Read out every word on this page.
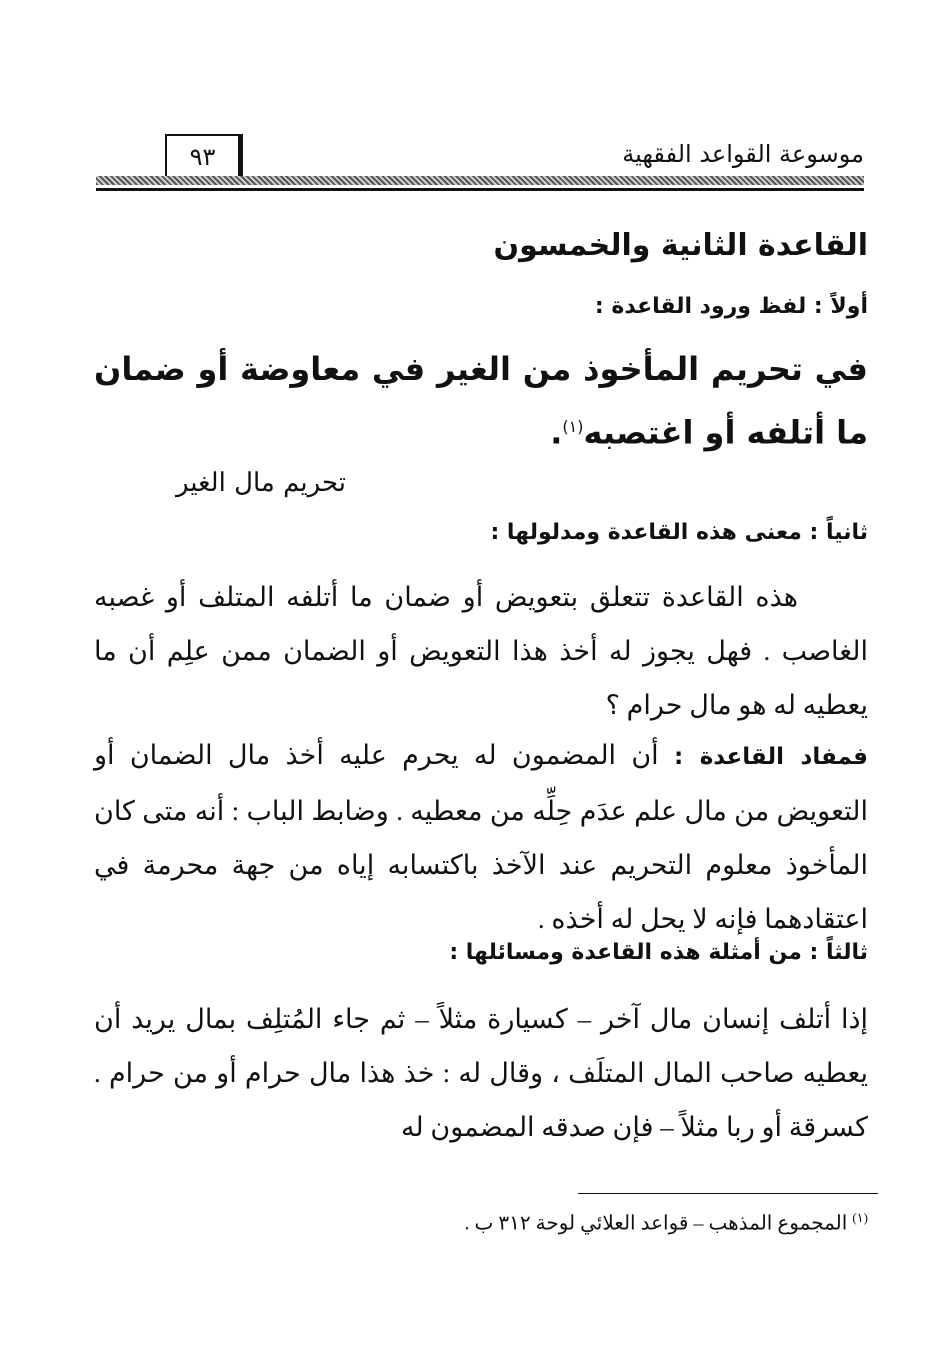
موسوعة القواعد الفقهية
٩٣
القاعدة الثانية والخمسون
أولاً : لفظ ورود القاعدة :
في تحريم المأخوذ من الغير في معاوضة أو ضمان ما أتلفه أو اغتصبه$^{(١)}$.
تحريم مال الغير
ثانياً : معنى هذه القاعدة ومدلولها :
هذه القاعدة تتعلق بتعويض أو ضمان ما أتلفه المتلف أو غصبه الغاصب . فهل يجوز له أخذ هذا التعويض أو الضمان ممن علِم أن ما يعطيه له هو مال حرام ؟
فمفاد القاعدة : أن المضمون له يحرم عليه أخذ مال الضمان أو التعويض من مال علم عدَم حِلِّه من معطيه . وضابط الباب : أنه متى كان المأخوذ معلوم التحريم عند الآخذ باكتسابه إياه من جهة محرمة في اعتقادهما فإنه لا يحل له أخذه .
ثالثاً : من أمثلة هذه القاعدة ومسائلها :
إذا أتلف إنسان مال آخر – كسيارة مثلاً – ثم جاء المُتلِف بمال يريد أن يعطيه صاحب المال المتلَف ، وقال له : خذ هذا مال حرام أو من حرام . كسرقة أو ربا مثلاً – فإن صدقه المضمون له
$^{(١)}$ المجموع المذهب – قواعد العلائي لوحة ٣١٢ ب .
